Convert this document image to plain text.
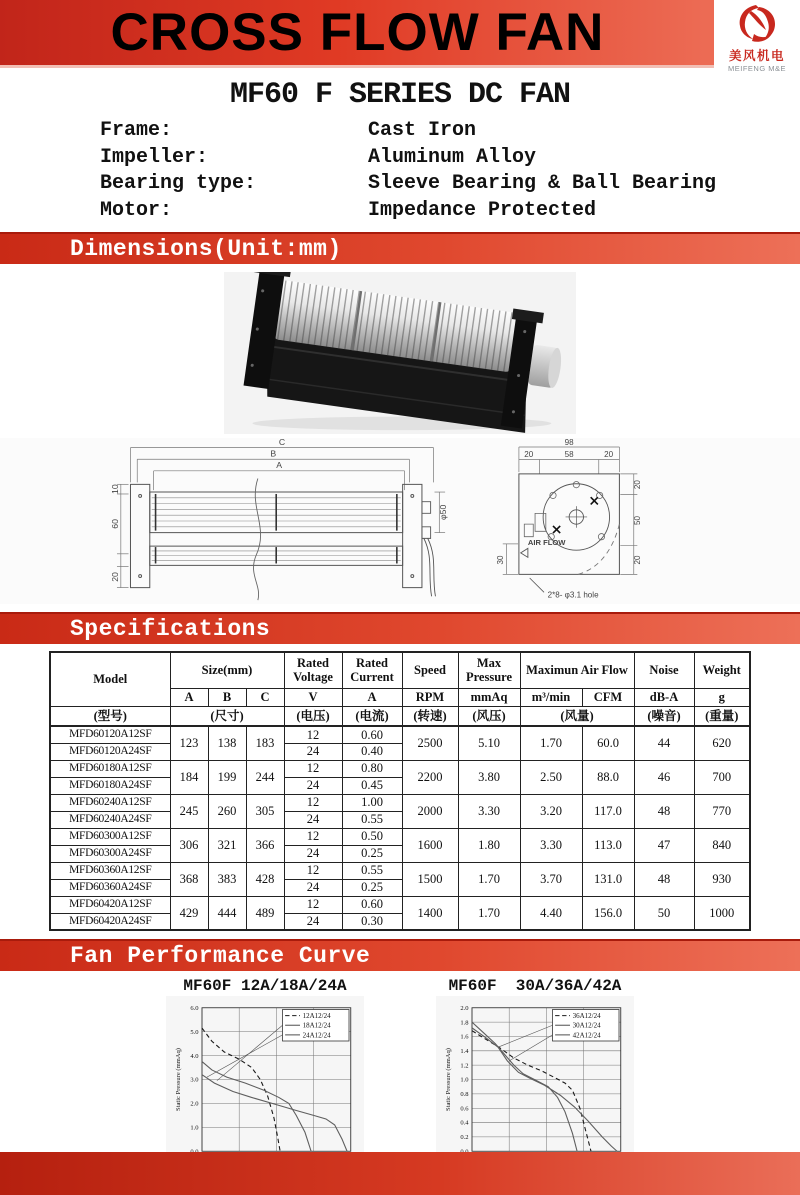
CROSS FLOW FAN	美风机电
MEIFENG M&E
MF60 F SERIES DC FAN
Frame:	Cast Iron
Impeller:	Aluminum Alloy
Bearing type:	Sleeve Bearing & Ball Bearing
Motor:	Impedance Protected
Dimensions(Unit:mm)
C
B
A
10
60
20
φ50
98
20	58	20
20
50
20
30
AIR FLOW
2*8- φ3.1 hole
Specifications
Model	Size(mm)			Rated Voltage	Rated Current	Speed	Max Pressure	Maximun Air Flow		Noise	Weight
	A	B	C	V	A	RPM	mmAq	m³/min	CFM	dB-A	g
(型号)	(尺寸)			(电压)	(电流)	(转速)	(风压)	(风量)		(噪音)	(重量)
MFD60120A12SF	123	138	183	12	0.60	2500	5.10	1.70	60.0	44	620
MFD60120A24SF				24	0.40						
MFD60180A12SF	184	199	244	12	0.80	2200	3.80	2.50	88.0	46	700
MFD60180A24SF				24	0.45						
MFD60240A12SF	245	260	305	12	1.00	2000	3.30	3.20	117.0	48	770
MFD60240A24SF				24	0.55						
MFD60300A12SF	306	321	366	12	0.50	1600	1.80	3.30	113.0	47	840
MFD60300A24SF				24	0.25						
MFD60360A12SF	368	383	428	12	0.55	1500	1.70	3.70	131.0	48	930
MFD60360A24SF				24	0.25						
MFD60420A12SF	429	444	489	12	0.60	1400	1.70	4.40	156.0	50	1000
MFD60420A24SF				24	0.30						
Fan Performance Curve
MF60F 12A/18A/24A
1.0
2.0
3.0
4.0
5.0
6.0
Static Pressure (mmAq)
12A12/24
18A12/24
24A12/24
MF60F  30A/36A/42A
0.2
0.4
0.6
0.8
1.0
1.2
1.4
1.6
1.8
2.0
Static Pressure (mmAq)
36A12/24
30A12/24
42A12/24
